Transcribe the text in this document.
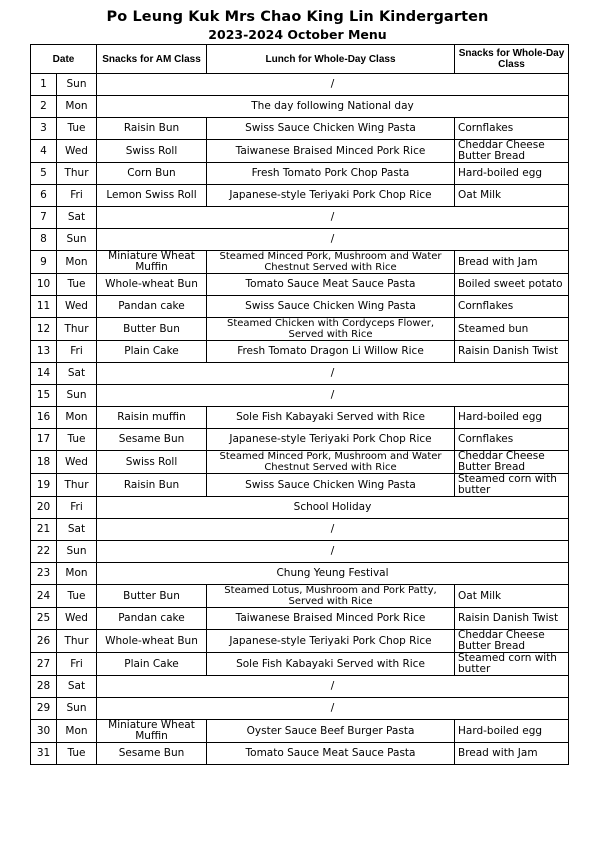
Po Leung Kuk Mrs Chao King Lin Kindergarten
2023-2024 October Menu
Date		Snacks for AM Class	Lunch for Whole-Day Class	Snacks for Whole-Day Class
1	Sun	/		
2	Mon	The day following National day		
3	Tue	Raisin Bun	Swiss Sauce Chicken Wing Pasta	Cornflakes
4	Wed	Swiss Roll	Taiwanese Braised Minced Pork Rice	Cheddar Cheese Butter Bread
5	Thur	Corn Bun	Fresh Tomato Pork Chop Pasta	Hard-boiled egg
6	Fri	Lemon Swiss Roll	Japanese-style Teriyaki Pork Chop Rice	Oat Milk
7	Sat	/		
8	Sun	/		
9	Mon	Miniature Wheat Muffin	Steamed Minced Pork, Mushroom and Water Chestnut Served with Rice	Bread with Jam
10	Tue	Whole-wheat Bun	Tomato Sauce Meat Sauce Pasta	Boiled sweet potato
11	Wed	Pandan cake	Swiss Sauce Chicken Wing Pasta	Cornflakes
12	Thur	Butter Bun	Steamed Chicken with Cordyceps Flower, Served with Rice	Steamed bun
13	Fri	Plain Cake	Fresh Tomato Dragon Li Willow Rice	Raisin Danish Twist
14	Sat	/		
15	Sun	/		
16	Mon	Raisin muffin	Sole Fish Kabayaki Served with Rice	Hard-boiled egg
17	Tue	Sesame Bun	Japanese-style Teriyaki Pork Chop Rice	Cornflakes
18	Wed	Swiss Roll	Steamed Minced Pork, Mushroom and Water Chestnut Served with Rice	Cheddar Cheese Butter Bread
19	Thur	Raisin Bun	Swiss Sauce Chicken Wing Pasta	Steamed corn with butter
20	Fri	School Holiday		
21	Sat	/		
22	Sun	/		
23	Mon	Chung Yeung Festival		
24	Tue	Butter Bun	Steamed Lotus, Mushroom and Pork Patty, Served with Rice	Oat Milk
25	Wed	Pandan cake	Taiwanese Braised Minced Pork Rice	Raisin Danish Twist
26	Thur	Whole-wheat Bun	Japanese-style Teriyaki Pork Chop Rice	Cheddar Cheese Butter Bread
27	Fri	Plain Cake	Sole Fish Kabayaki Served with Rice	Steamed corn with butter
28	Sat	/		
29	Sun	/		
30	Mon	Miniature Wheat Muffin	Oyster Sauce Beef Burger Pasta	Hard-boiled egg
31	Tue	Sesame Bun	Tomato Sauce Meat Sauce Pasta	Bread with Jam
